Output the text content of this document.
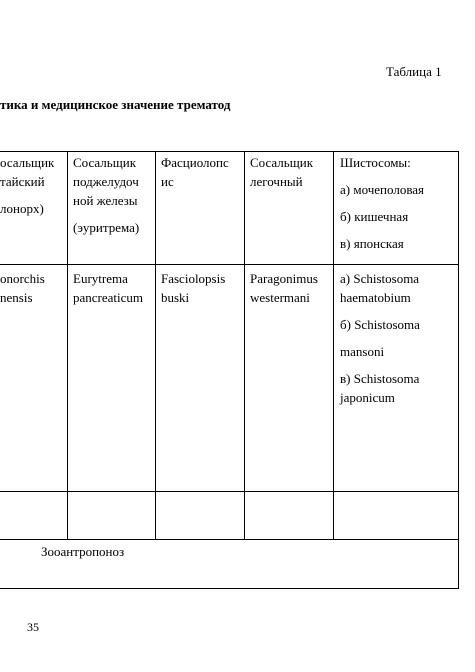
Таблица 1
тика и медицинское значение трематод
осальщик
тайский
лонорх)
Сосальщик
поджелудоч
ной железы
(эуритрема)
Фасциолопс
ис
Сосальщик
легочный
Шистосомы:
а) мочеполовая
б) кишечная
в) японская
onorchis
nensis
Eurytrema
pancreaticum
Fasciolopsis
buski
Paragonimus
westermani
а) Schistosoma
haematobium
б) Schistosoma
mansoni
в) Schistosoma
japonicum
Зооантропоноз
35
